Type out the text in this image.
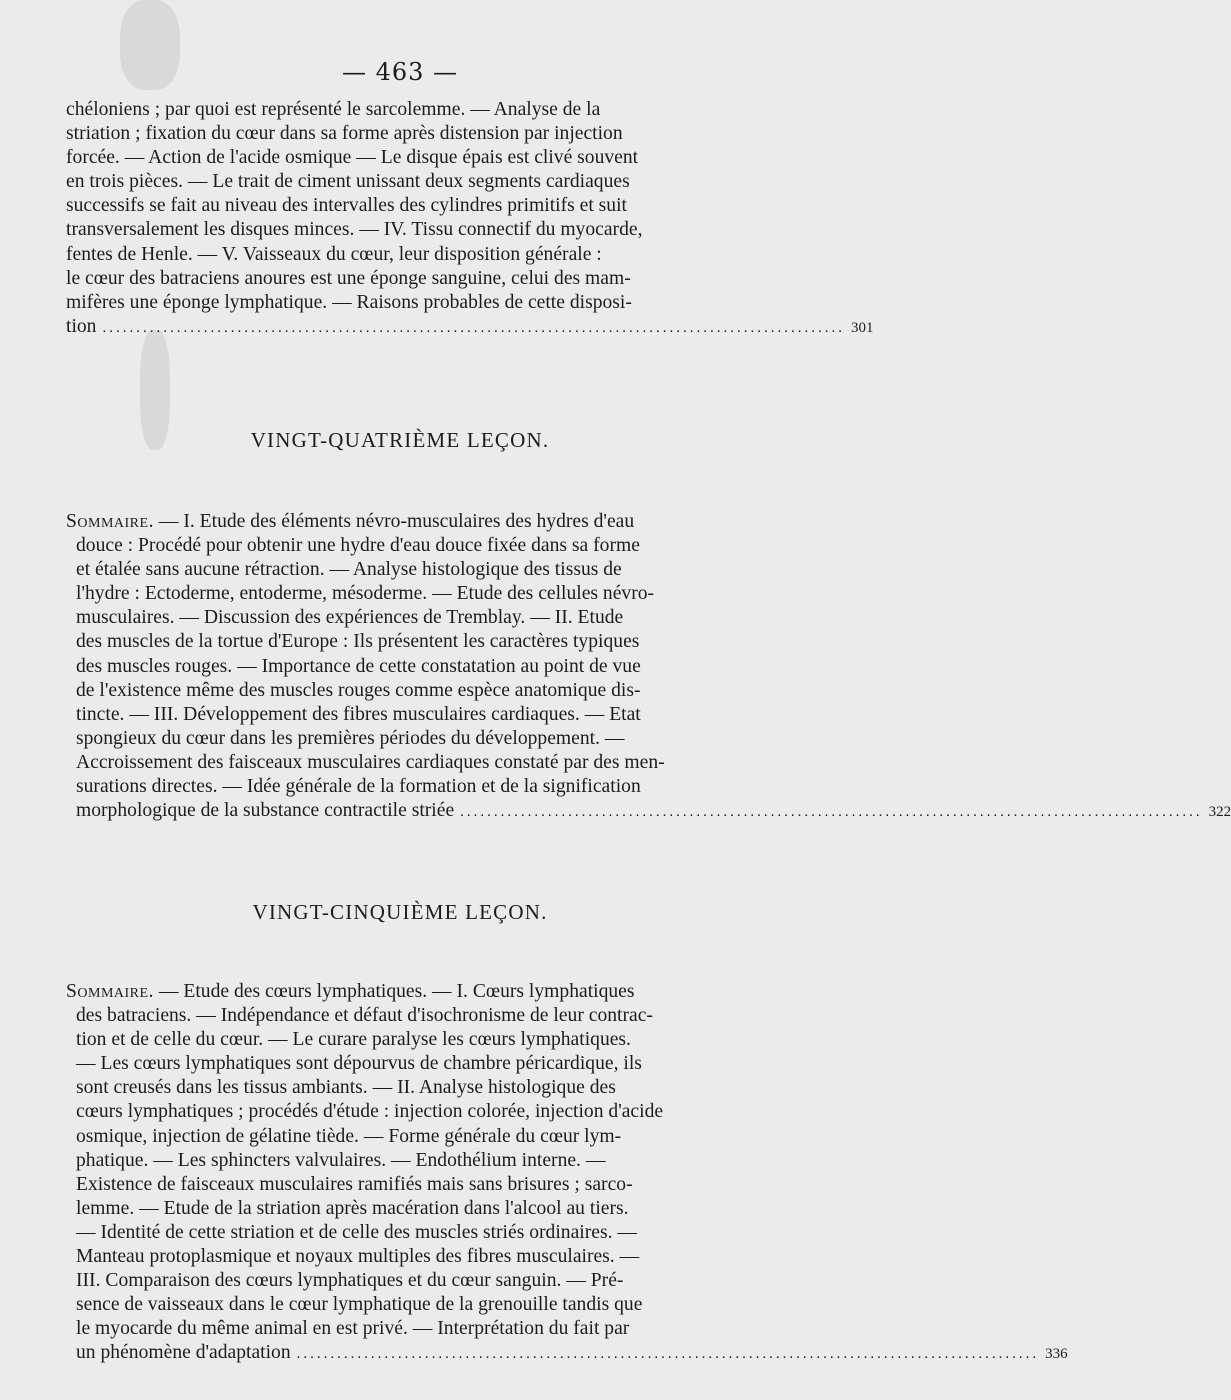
— 463 —

chéloniens ; par quoi est représenté le sarcolemme. — Analyse de la

striation ; fixation du cœur dans sa forme après distension par injection

forcée. — Action de l'acide osmique — Le disque épais est clivé souvent

en trois pièces. — Le trait de ciment unissant deux segments cardiaques

successifs se fait au niveau des intervalles des cylindres primitifs et suit

transversalement les disques minces. — IV. Tissu connectif du myocarde,

fentes de Henle. — V. Vaisseaux du cœur, leur disposition générale :

le cœur des batraciens anoures est une éponge sanguine, celui des mam-

mifères une éponge lymphatique. — Raisons probables de cette disposi-

tion .............................................................................................................. 301

VINGT-QUATRIÈME LEÇON.

Sommaire. — I. Etude des éléments névro-musculaires des hydres d'eau

douce : Procédé pour obtenir une hydre d'eau douce fixée dans sa forme

et étalée sans aucune rétraction. — Analyse histologique des tissus de

l'hydre : Ectoderme, entoderme, mésoderme. — Etude des cellules névro-

musculaires. — Discussion des expériences de Tremblay. — II. Etude

des muscles de la tortue d'Europe : Ils présentent les caractères typiques

des muscles rouges. — Importance de cette constatation au point de vue

de l'existence même des muscles rouges comme espèce anatomique dis-

tincte. — III. Développement des fibres musculaires cardiaques. — Etat

spongieux du cœur dans les premières périodes du développement. —

Accroissement des faisceaux musculaires cardiaques constaté par des men-

surations directes. — Idée générale de la formation et de la signification

morphologique de la substance contractile striée .............................................................................................................. 322

VINGT-CINQUIÈME LEÇON.

Sommaire. — Etude des cœurs lymphatiques. — I. Cœurs lymphatiques

des batraciens. — Indépendance et défaut d'isochronisme de leur contrac-

tion et de celle du cœur. — Le curare paralyse les cœurs lymphatiques.

— Les cœurs lymphatiques sont dépourvus de chambre péricardique, ils

sont creusés dans les tissus ambiants. — II. Analyse histologique des

cœurs lymphatiques ; procédés d'étude : injection colorée, injection d'acide

osmique, injection de gélatine tiède. — Forme générale du cœur lym-

phatique. — Les sphincters valvulaires. — Endothélium interne. —

Existence de faisceaux musculaires ramifiés mais sans brisures ; sarco-

lemme. — Etude de la striation après macération dans l'alcool au tiers.

— Identité de cette striation et de celle des muscles striés ordinaires. —

Manteau protoplasmique et noyaux multiples des fibres musculaires. —

III. Comparaison des cœurs lymphatiques et du cœur sanguin. — Pré-

sence de vaisseaux dans le cœur lymphatique de la grenouille tandis que

le myocarde du même animal en est privé. — Interprétation du fait par

un phénomène d'adaptation .............................................................................................................. 336
